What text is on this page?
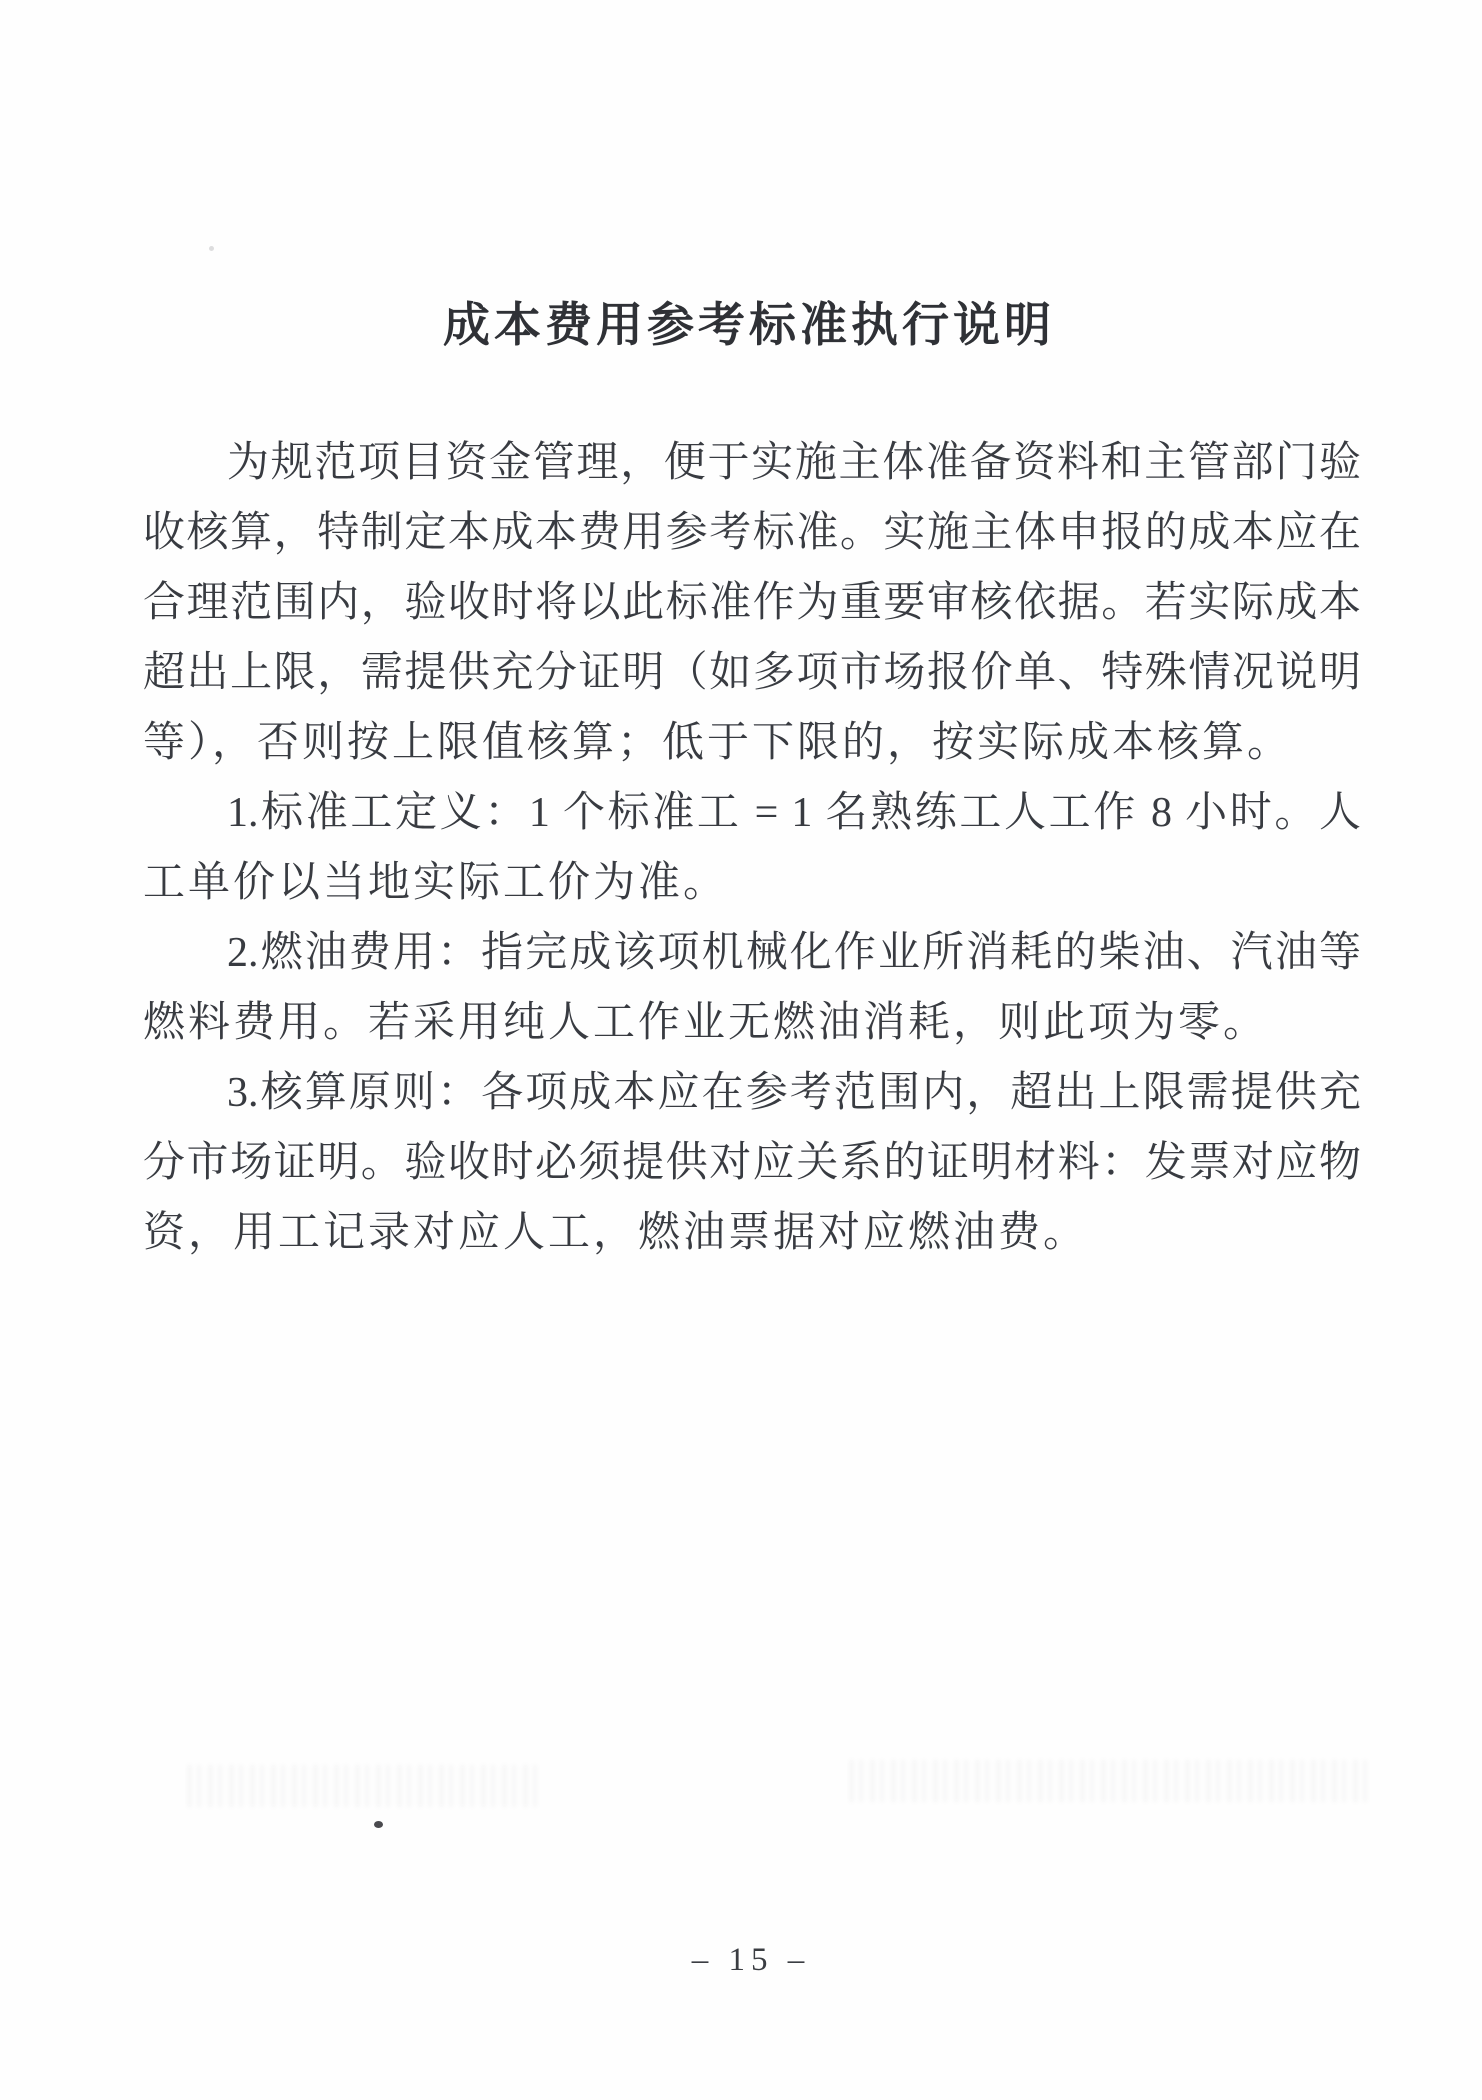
成本费用参考标准执行说明
为规范项目资金管理，便于实施主体准备资料和主管部门验
收核算，特制定本成本费用参考标准。实施主体申报的成本应在
合理范围内，验收时将以此标准作为重要审核依据。若实际成本
超出上限，需提供充分证明（如多项市场报价单、特殊情况说明
等），否则按上限值核算；低于下限的，按实际成本核算。
1.标准工定义：1 个标准工 = 1 名熟练工人工作 8 小时。人
工单价以当地实际工价为准。
2.燃油费用：指完成该项机械化作业所消耗的柴油、汽油等
燃料费用。若采用纯人工作业无燃油消耗，则此项为零。
3.核算原则：各项成本应在参考范围内，超出上限需提供充
分市场证明。验收时必须提供对应关系的证明材料：发票对应物
资，用工记录对应人工，燃油票据对应燃油费。
– 15 –
